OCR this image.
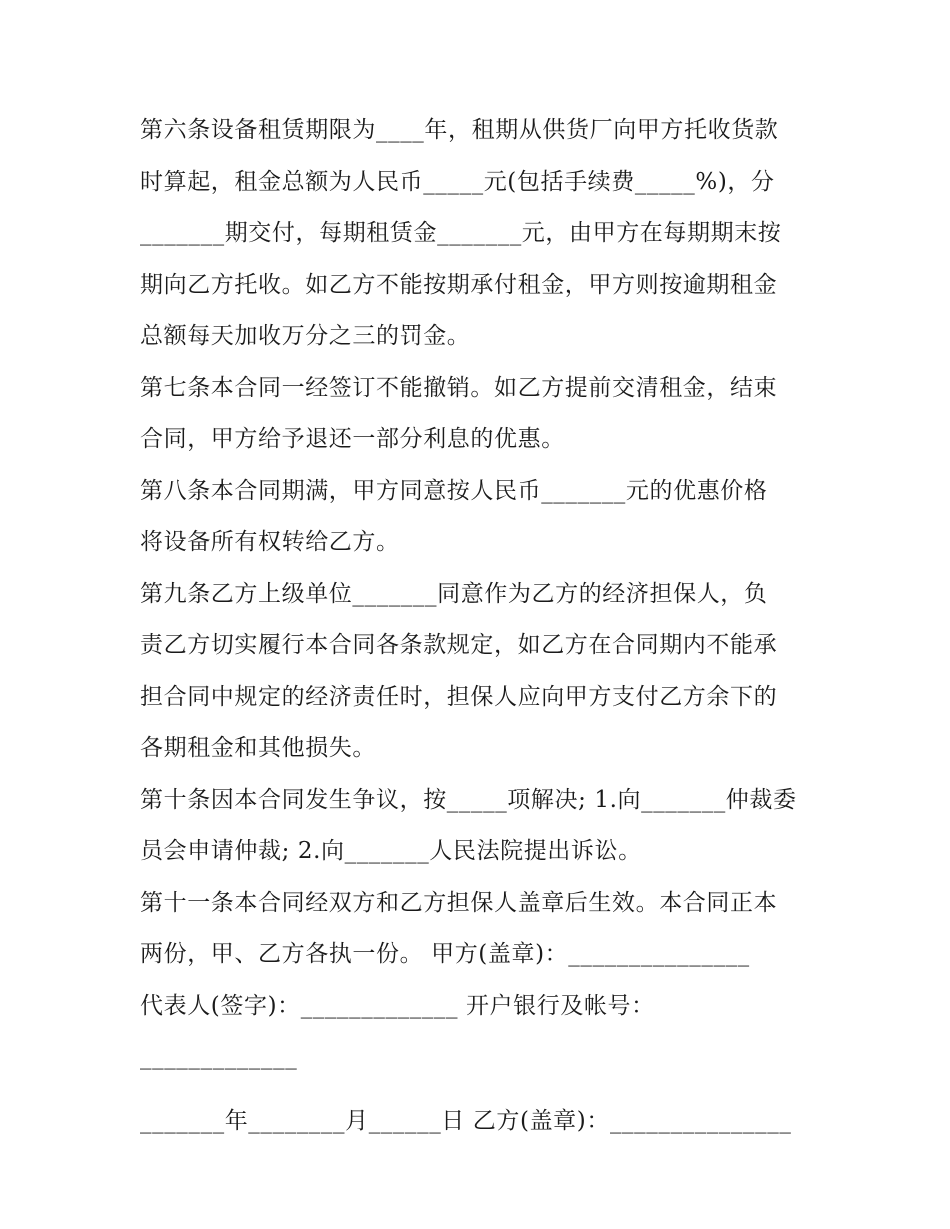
第六条设备租赁期限为____年，租期从供货厂向甲方托收货款
时算起，租金总额为人民币_____元(包括手续费_____%)，分
_______期交付，每期租赁金_______元，由甲方在每期期末按
期向乙方托收。如乙方不能按期承付租金，甲方则按逾期租金
总额每天加收万分之三的罚金。
第七条本合同一经签订不能撤销。如乙方提前交清租金，结束
合同，甲方给予退还一部分利息的优惠。
第八条本合同期满，甲方同意按人民币_______元的优惠价格
将设备所有权转给乙方。
第九条乙方上级单位_______同意作为乙方的经济担保人，负
责乙方切实履行本合同各条款规定，如乙方在合同期内不能承
担合同中规定的经济责任时，担保人应向甲方支付乙方余下的
各期租金和其他损失。
第十条因本合同发生争议，按_____项解决; 1.向_______仲裁委
员会申请仲裁; 2.向_______人民法院提出诉讼。
第十一条本合同经双方和乙方担保人盖章后生效。本合同正本
两份，甲、乙方各执一份。 甲方(盖章)：_______________
代表人(签字)：_____________ 开户银行及帐号：
_____________
_______年________月______日 乙方(盖章)：_______________
